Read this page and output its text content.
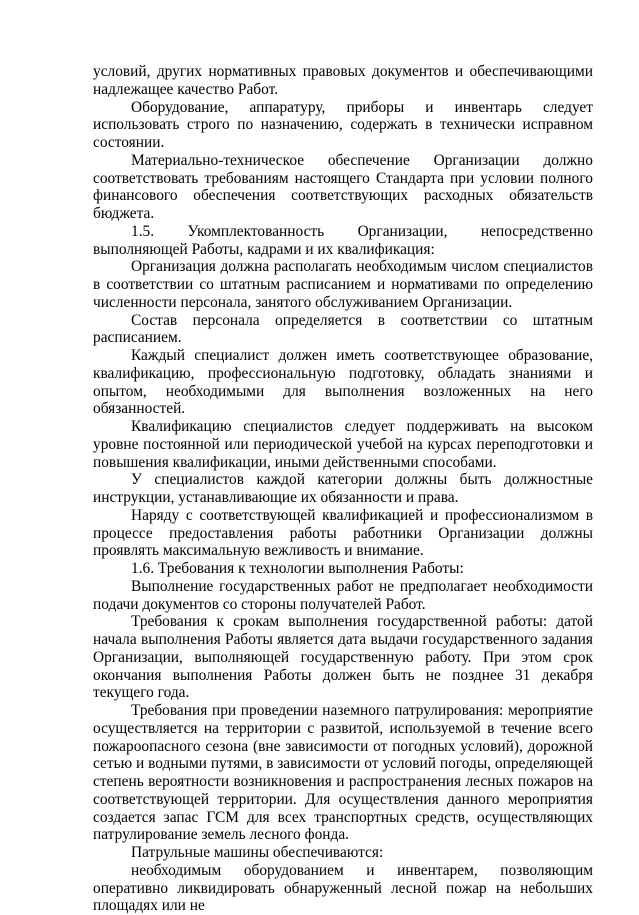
условий, других нормативных правовых документов и обеспечивающими надлежащее качество Работ.

Оборудование, аппаратуру, приборы и инвентарь следует использовать строго по назначению, содержать в технически исправном состоянии.

Материально-техническое обеспечение Организации должно соответствовать требованиям настоящего Стандарта при условии полного финансового обеспечения соответствующих расходных обязательств бюджета.

1.5. Укомплектованность Организации, непосредственно выполняющей Работы, кадрами и их квалификация:

Организация должна располагать необходимым числом специалистов в соответствии со штатным расписанием и нормативами по определению численности персонала, занятого обслуживанием Организации.

Состав персонала определяется в соответствии со штатным расписанием.

Каждый специалист должен иметь соответствующее образование, квалификацию, профессиональную подготовку, обладать знаниями и опытом, необходимыми для выполнения возложенных на него обязанностей.

Квалификацию специалистов следует поддерживать на высоком уровне постоянной или периодической учебой на курсах переподготовки и повышения квалификации, иными действенными способами.

У специалистов каждой категории должны быть должностные инструкции, устанавливающие их обязанности и права.

Наряду с соответствующей квалификацией и профессионализмом в процессе предоставления работы работники Организации должны проявлять максимальную вежливость и внимание.

1.6. Требования к технологии выполнения Работы:

Выполнение государственных работ не предполагает необходимости подачи документов со стороны получателей Работ.

Требования к срокам выполнения государственной работы: датой начала выполнения Работы является дата выдачи государственного задания Организации, выполняющей государственную работу. При этом срок окончания выполнения Работы должен быть не позднее 31 декабря текущего года.

Требования при проведении наземного патрулирования: мероприятие осуществляется на территории с развитой, используемой в течение всего пожароопасного сезона (вне зависимости от погодных условий), дорожной сетью и водными путями, в зависимости от условий погоды, определяющей степень вероятности возникновения и распространения лесных пожаров на соответствующей территории. Для осуществления данного мероприятия создается запас ГСМ для всех транспортных средств, осуществляющих патрулирование земель лесного фонда.

Патрульные машины обеспечиваются:

необходимым оборудованием и инвентарем, позволяющим оперативно ликвидировать обнаруженный лесной пожар на небольших площадях или не
